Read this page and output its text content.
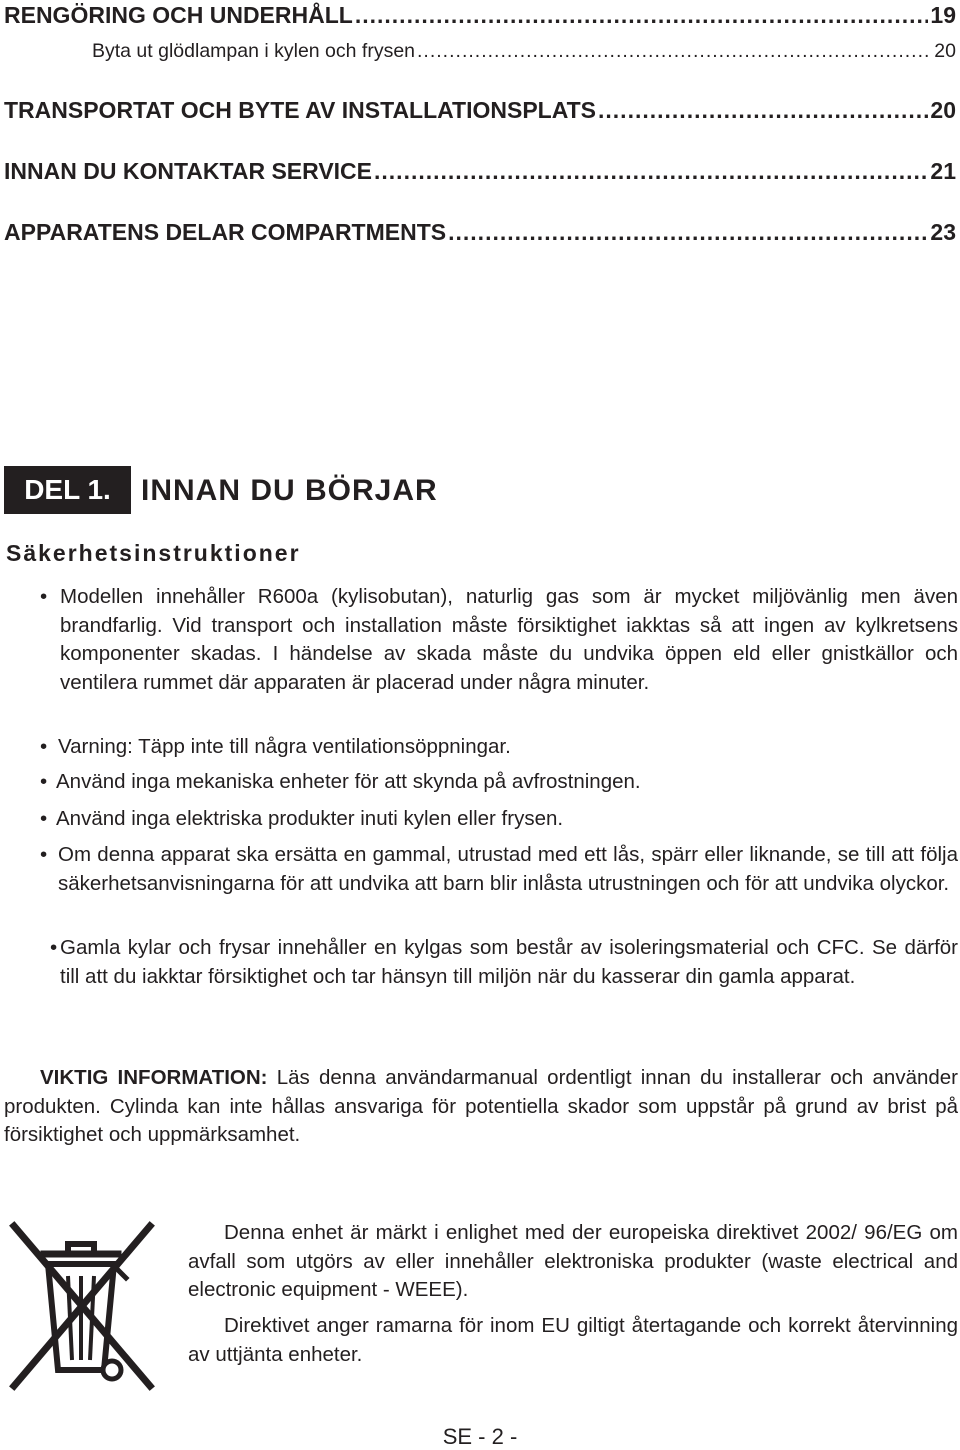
RENGÖRING OCH UNDERHÅLL .....	19
Byta ut glödlampan i kylen och frysen .....	20
TRANSPORTAT OCH BYTE AV INSTALLATIONSPLATS .....	20
INNAN DU KONTAKTAR SERVICE .....	21
APPARATENS DELAR COMPARTMENTS .....	23
DEL 1.	INNAN DU BÖRJAR
Säkerhetsinstruktioner
• Modellen innehåller R600a (kylisobutan), naturlig gas som är mycket miljövänlig men även brandfarlig. Vid transport och installation måste försiktighet iakktas så att ingen av kylkretsens komponenter skadas. I händelse av skada måste du undvika öppen eld eller gnistkällor och ventilera rummet där apparaten är placerad under några minuter.
• Varning: Täpp inte till några ventilationsöppningar.
• Använd inga mekaniska enheter för att skynda på avfrostningen.
• Använd inga elektriska produkter inuti kylen eller frysen.
• Om denna apparat ska ersätta en gammal, utrustad med ett lås, spärr eller liknande, se till att följa säkerhetsanvisningarna för att undvika att barn blir inlåsta utrustningen och för att undvika olyckor.
• Gamla kylar och frysar innehåller en kylgas som består av isoleringsmaterial och CFC. Se därför till att du iakktar försiktighet och tar hänsyn till miljön när du kasserar din gamla apparat.
VIKTIG INFORMATION: Läs denna användarmanual ordentligt innan du installerar och använder produkten. Cylinda kan inte hållas ansvariga för potentiella skador som uppstår på grund av brist på försiktighet och uppmärksamhet.
Denna enhet är märkt i enlighet med der europeiska direktivet 2002/ 96/EG om avfall som utgörs av eller innehåller elektroniska produkter (waste electrical and electronic equipment - WEEE).
Direktivet anger ramarna för inom EU giltigt återtagande och korrekt återvinning av uttjänta enheter.
SE - 2 -
